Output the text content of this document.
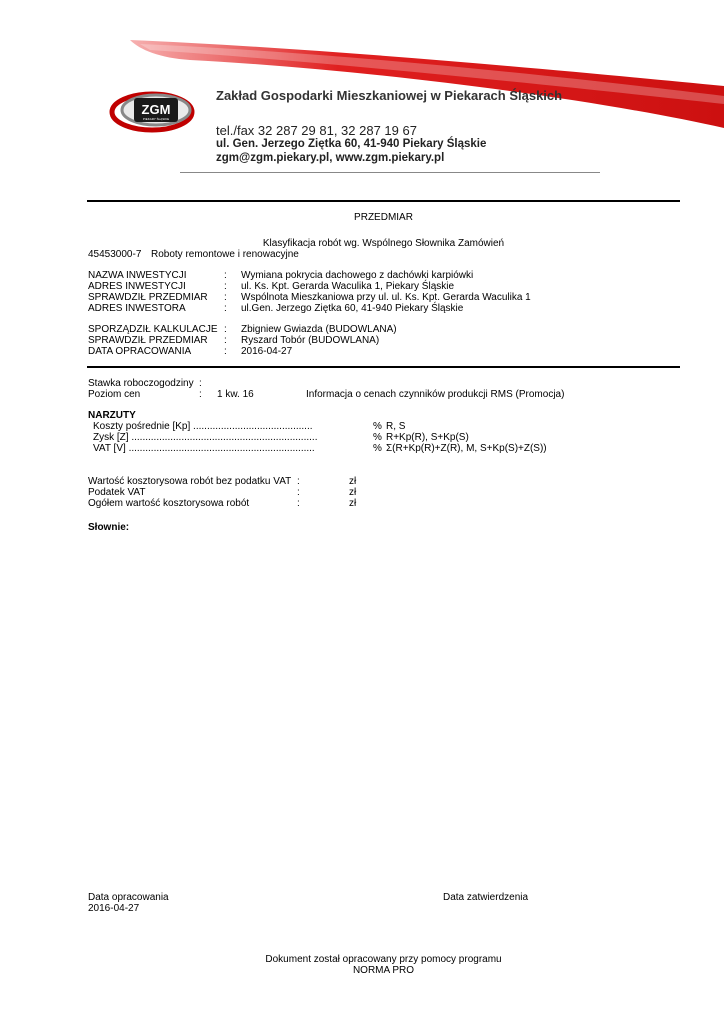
ZGM
PIEKARY ŚLĄSKIE
Zakład Gospodarki Mieszkaniowej w Piekarach Śląskich
tel./fax 32 287 29 81, 32 287 19 67
ul. Gen. Jerzego Ziętka 60, 41-940 Piekary Śląskie
zgm@zgm.piekary.pl, www.zgm.piekary.pl
PRZEDMIAR
Klasyfikacja robót wg. Wspólnego Słownika Zamówień
45453000-7 Roboty remontowe i renowacyjne
NAZWA INWESTYCJI	: Wymiana pokrycia dachowego z dachówki karpiówki
ADRES INWESTYCJI	: ul. Ks. Kpt. Gerarda Waculika 1, Piekary Śląskie
SPRAWDZIŁ PRZEDMIAR : Wspólnota Mieszkaniowa przy ul. ul. Ks. Kpt. Gerarda Waculika 1
ADRES INWESTORA	: ul.Gen. Jerzego Ziętka 60, 41-940 Piekary Śląskie
SPORZĄDZIŁ KALKULACJE : Zbigniew Gwiazda (BUDOWLANA)
SPRAWDZIŁ PRZEDMIAR : Ryszard Tobór (BUDOWLANA)
DATA OPRACOWANIA	: 2016-04-27
Stawka roboczogodziny :
Poziom cen	: 1 kw. 16	Informacja o cenach czynników produkcji RMS (Promocja)
NARZUTY
Koszty pośrednie [Kp] ...........................................	% R, S
Zysk [Z] ...................................................................	% R+Kp(R), S+Kp(S)
VAT [V] ...................................................................	% Σ(R+Kp(R)+Z(R), M, S+Kp(S)+Z(S))
Wartość kosztorysowa robót bez podatku VAT :	zł
Podatek VAT	:	zł
Ogółem wartość kosztorysowa robót	:	zł
Słownie:
Data opracowania
2016-04-27
Data zatwierdzenia
Dokument został opracowany przy pomocy programu
NORMA PRO
